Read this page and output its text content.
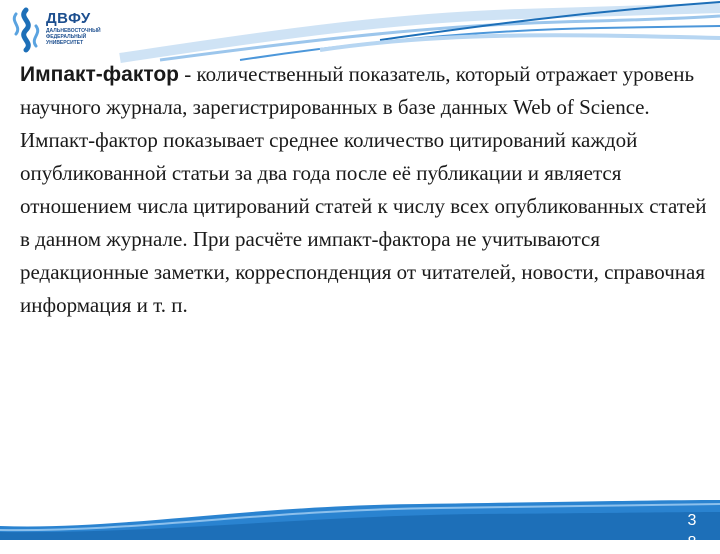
ДВФУ
ДАЛЬНЕВОСТОЧНЫЙ ФЕДЕРАЛЬНЫЙ УНИВЕРСИТЕТ
Импакт-фактор - количественный показатель, который отражает уровень научного журнала, зарегистрированных в базе данных Web of Science. Импакт-фактор показывает среднее количество цитирований каждой опубликованной статьи за два года после её публикации и является отношением числа цитирований статей к числу всех опубликованных статей в данном журнале. При расчёте импакт-фактора не учитываются редакционные заметки, корреспонденция от читателей, новости, справочная информация и т. п.
38
